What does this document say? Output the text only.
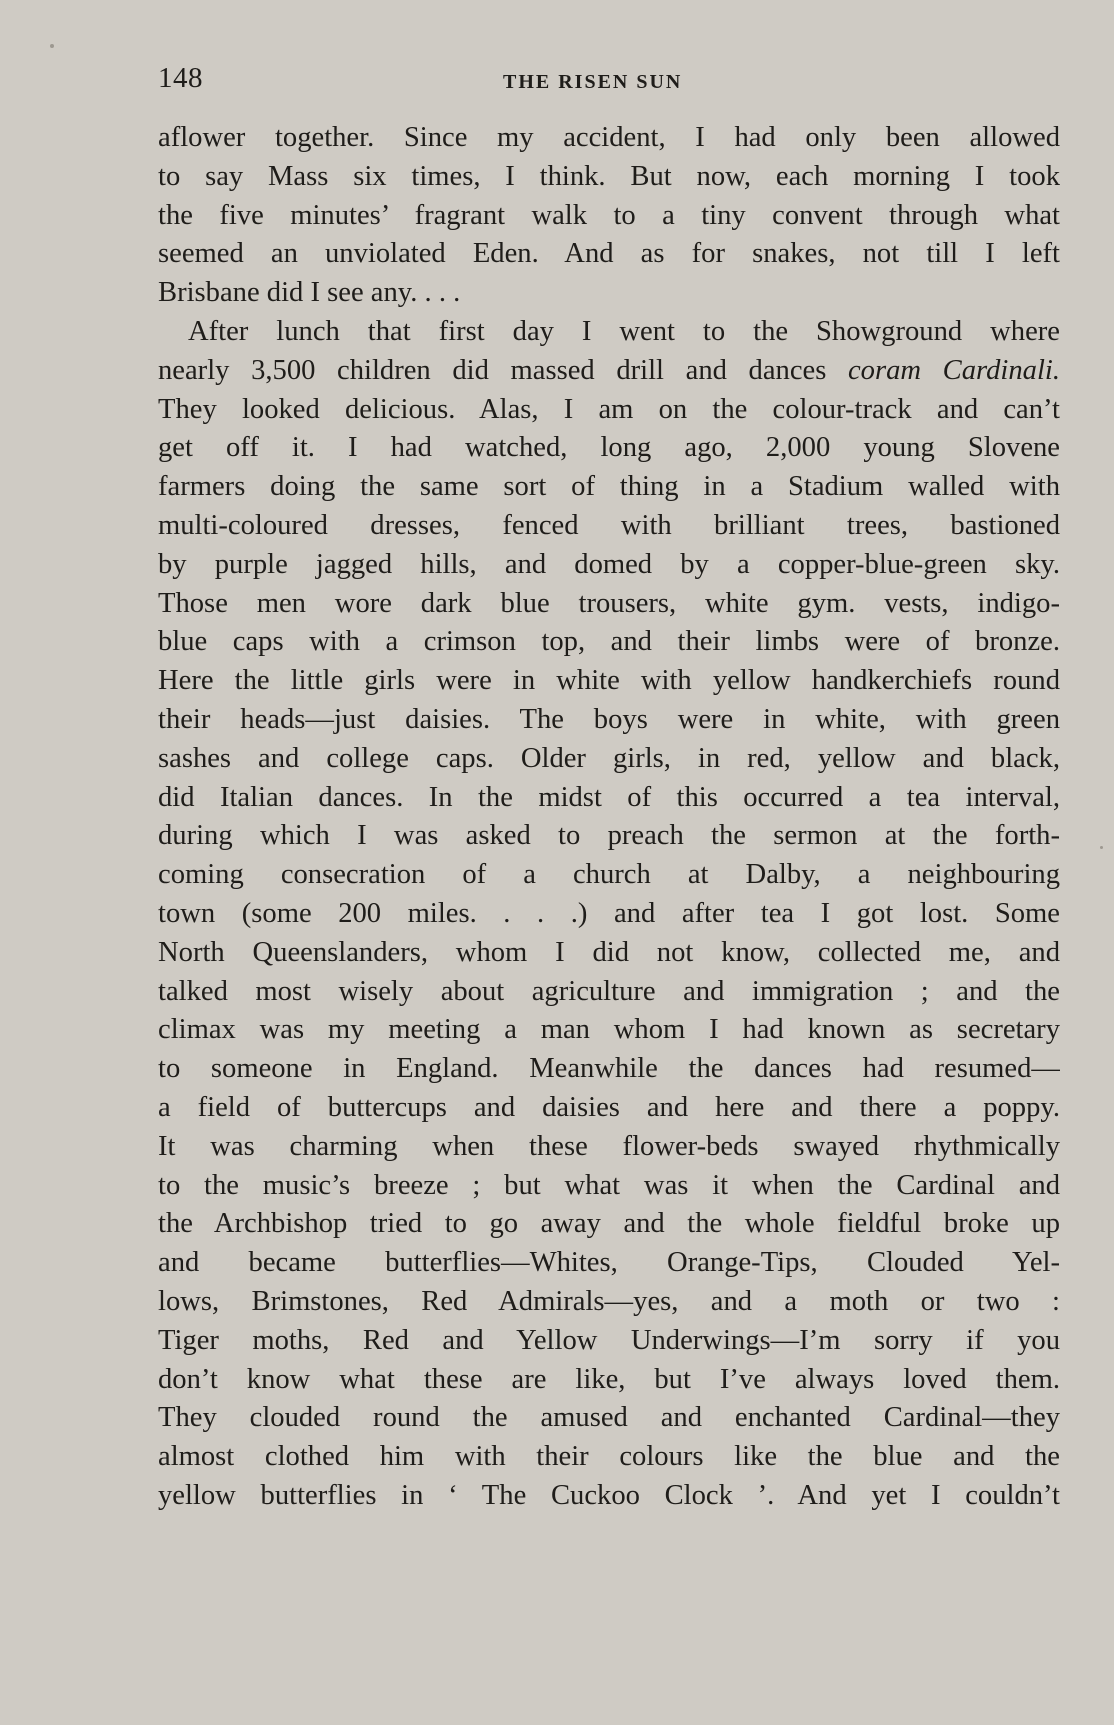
148	THE RISEN SUN
aflower together. Since my accident, I had only been allowed
to say Mass six times, I think. But now, each morning I took
the five minutes’ fragrant walk to a tiny convent through what
seemed an unviolated Eden. And as for snakes, not till I left
Brisbane did I see any. . . .
After lunch that first day I went to the Showground where
nearly 3,500 children did massed drill and dances coram Cardinali.
They looked delicious. Alas, I am on the colour-track and can’t
get off it. I had watched, long ago, 2,000 young Slovene
farmers doing the same sort of thing in a Stadium walled with
multi-coloured dresses, fenced with brilliant trees, bastioned
by purple jagged hills, and domed by a copper-blue-green sky.
Those men wore dark blue trousers, white gym. vests, indigo-
blue caps with a crimson top, and their limbs were of bronze.
Here the little girls were in white with yellow handkerchiefs round
their heads—just daisies. The boys were in white, with green
sashes and college caps. Older girls, in red, yellow and black,
did Italian dances. In the midst of this occurred a tea interval,
during which I was asked to preach the sermon at the forth-
coming consecration of a church at Dalby, a neighbouring
town (some 200 miles. . . .) and after tea I got lost. Some
North Queenslanders, whom I did not know, collected me, and
talked most wisely about agriculture and immigration ; and the
climax was my meeting a man whom I had known as secretary
to someone in England. Meanwhile the dances had resumed—
a field of buttercups and daisies and here and there a poppy.
It was charming when these flower-beds swayed rhythmically
to the music’s breeze ; but what was it when the Cardinal and
the Archbishop tried to go away and the whole fieldful broke up
and became butterflies—Whites, Orange-Tips, Clouded Yel-
lows, Brimstones, Red Admirals—yes, and a moth or two :
Tiger moths, Red and Yellow Underwings—I’m sorry if you
don’t know what these are like, but I’ve always loved them.
They clouded round the amused and enchanted Cardinal—they
almost clothed him with their colours like the blue and the
yellow butterflies in ‘ The Cuckoo Clock ’. And yet I couldn’t
